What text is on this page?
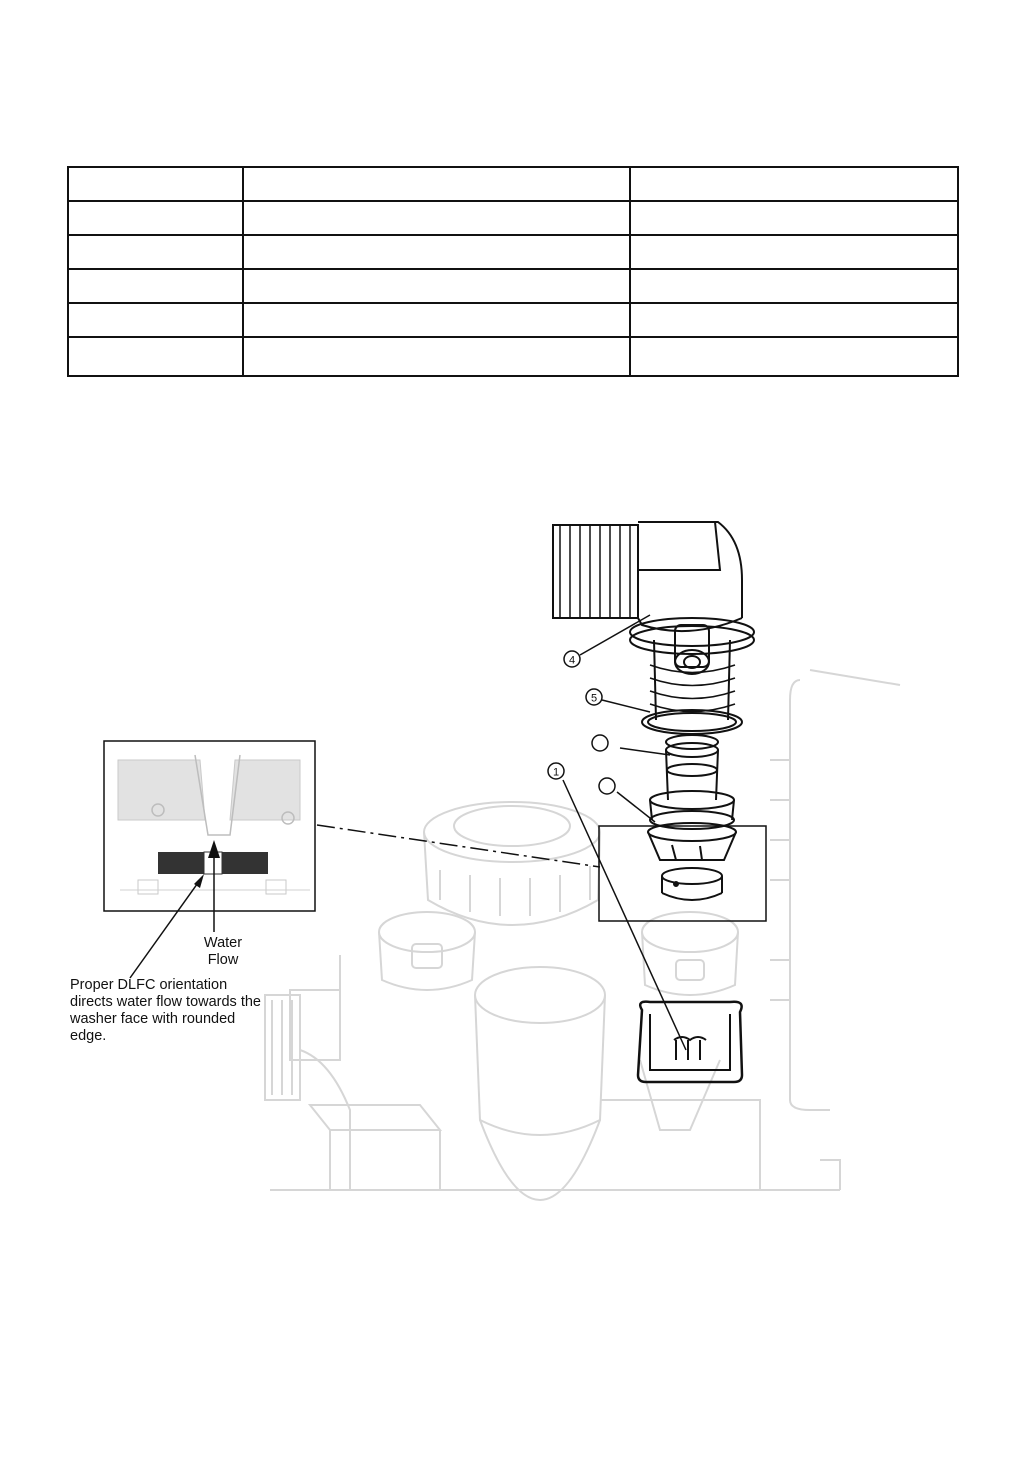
1
4
5
Water Flow
Proper DLFC orientation directs water flow towards the washer face with rounded edge.
